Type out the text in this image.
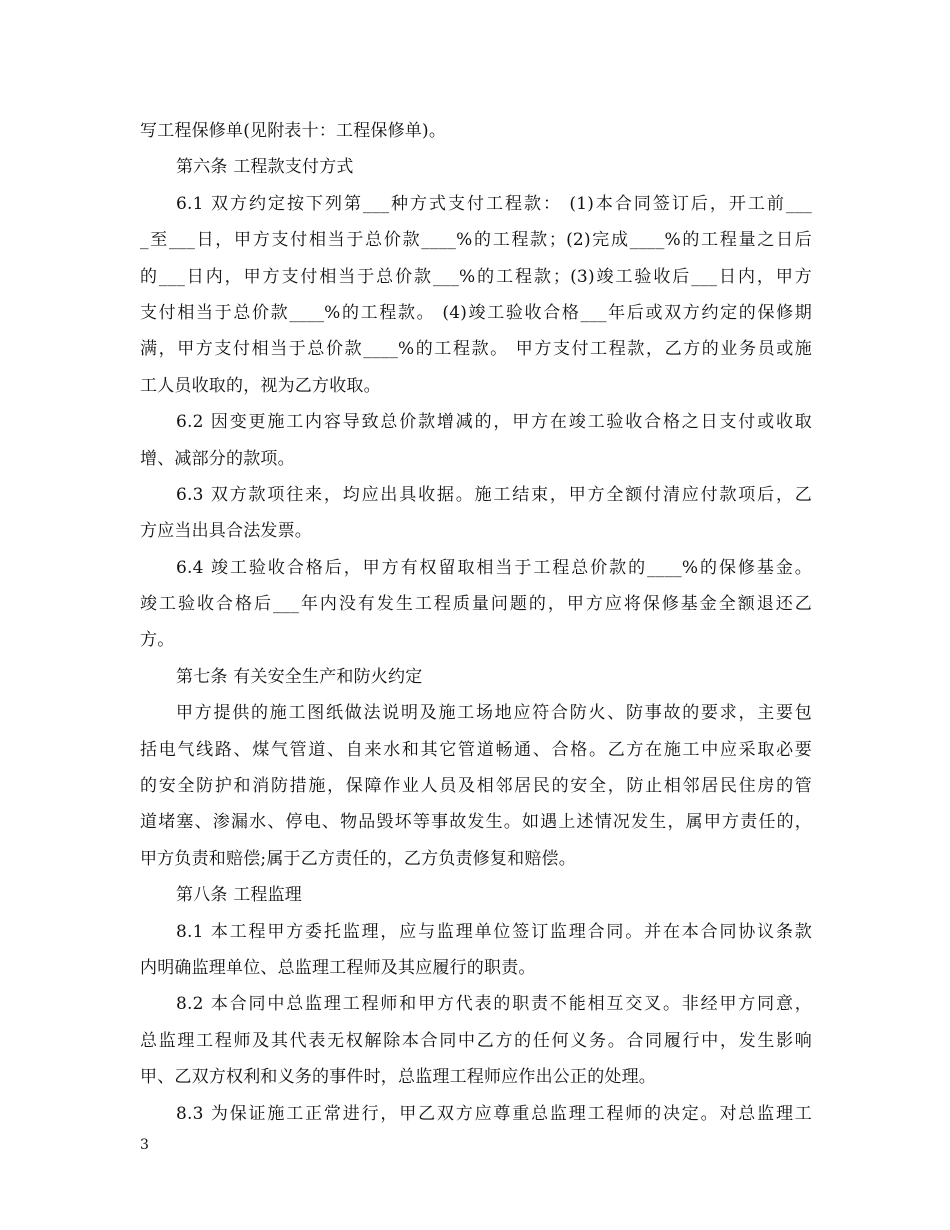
写工程保修单(见附表十：工程保修单)。
第六条 工程款支付方式
6.1 双方约定按下列第___种方式支付工程款： (1)本合同签订后，开工前___
_至___日，甲方支付相当于总价款____%的工程款；(2)完成____%的工程量之日后
的___日内，甲方支付相当于总价款___%的工程款；(3)竣工验收后___日内，甲方
支付相当于总价款____%的工程款。 (4)竣工验收合格___年后或双方约定的保修期
满，甲方支付相当于总价款____%的工程款。 甲方支付工程款，乙方的业务员或施
工人员收取的，视为乙方收取。
6.2 因变更施工内容导致总价款增减的，甲方在竣工验收合格之日支付或收取
增、减部分的款项。
6.3 双方款项往来，均应出具收据。施工结束，甲方全额付清应付款项后，乙
方应当出具合法发票。
6.4 竣工验收合格后，甲方有权留取相当于工程总价款的____%的保修基金。
竣工验收合格后___年内没有发生工程质量问题的，甲方应将保修基金全额退还乙
方。
第七条 有关安全生产和防火约定
甲方提供的施工图纸做法说明及施工场地应符合防火、防事故的要求，主要包
括电气线路、煤气管道、自来水和其它管道畅通、合格。乙方在施工中应采取必要
的安全防护和消防措施，保障作业人员及相邻居民的安全，防止相邻居民住房的管
道堵塞、渗漏水、停电、物品毁坏等事故发生。如遇上述情况发生，属甲方责任的，
甲方负责和赔偿;属于乙方责任的，乙方负责修复和赔偿。
第八条 工程监理
8.1 本工程甲方委托监理，应与监理单位签订监理合同。并在本合同协议条款
内明确监理单位、总监理工程师及其应履行的职责。
8.2 本合同中总监理工程师和甲方代表的职责不能相互交叉。非经甲方同意，
总监理工程师及其代表无权解除本合同中乙方的任何义务。合同履行中，发生影响
甲、乙双方权利和义务的事件时，总监理工程师应作出公正的处理。
8.3 为保证施工正常进行，甲乙双方应尊重总监理工程师的决定。对总监理工
3
